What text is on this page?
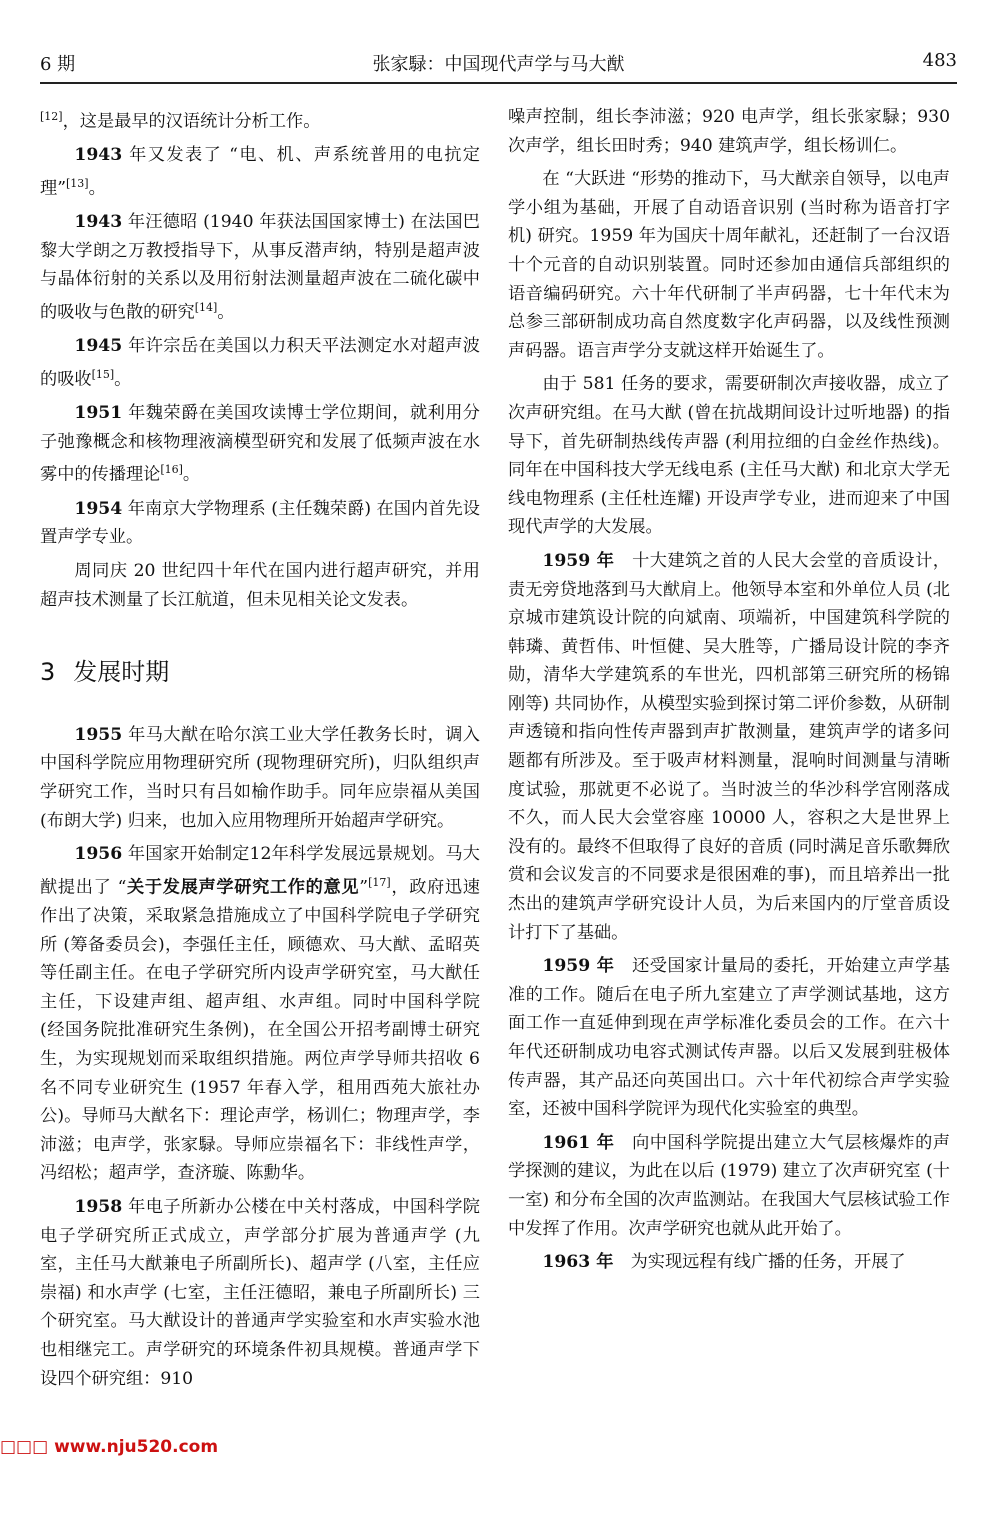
6 期	张家騄：中国现代声学与马大猷	483

[12]，这是最早的汉语统计分析工作。

1943 年又发表了 “电、机、声系统普用的电抗定理”[13]。

1943 年汪德昭 (1940 年获法国国家博士) 在法国巴黎大学朗之万教授指导下，从事反潜声纳，特别是超声波与晶体衍射的关系以及用衍射法测量超声波在二硫化碳中的吸收与色散的研究[14]。

1945 年许宗岳在美国以力积天平法测定水对超声波的吸收[15]。

1951 年魏荣爵在美国攻读博士学位期间，就利用分子弛豫概念和核物理液滴模型研究和发展了低频声波在水雾中的传播理论[16]。

1954 年南京大学物理系 (主任魏荣爵) 在国内首先设置声学专业。

周同庆 20 世纪四十年代在国内进行超声研究，并用超声技术测量了长江航道，但未见相关论文发表。

3 发展时期

1955 年马大猷在哈尔滨工业大学任教务长时，调入中国科学院应用物理研究所 (现物理研究所)，归队组织声学研究工作，当时只有吕如榆作助手。同年应崇福从美国 (布朗大学) 归来，也加入应用物理所开始超声学研究。

1956 年国家开始制定12年科学发展远景规划。马大猷提出了 “关于发展声学研究工作的意见”[17]，政府迅速作出了决策，采取紧急措施成立了中国科学院电子学研究所 (筹备委员会)，李强任主任，顾德欢、马大猷、孟昭英等任副主任。在电子学研究所内设声学研究室，马大猷任主任，下设建声组、超声组、水声组。同时中国科学院 (经国务院批准研究生条例)，在全国公开招考副博士研究生，为实现规划而采取组织措施。两位声学导师共招收 6 名不同专业研究生 (1957 年春入学，租用西苑大旅社办公)。导师马大猷名下：理论声学，杨训仁；物理声学，李沛滋；电声学，张家騄。导师应崇福名下：非线性声学，冯绍松；超声学，查济璇、陈勳华。

1958 年电子所新办公楼在中关村落成，中国科学院电子学研究所正式成立，声学部分扩展为普通声学 (九室，主任马大猷兼电子所副所长)、超声学 (八室，主任应崇福) 和水声学 (七室，主任汪德昭，兼电子所副所长) 三个研究室。马大猷设计的普通声学实验室和水声实验水池也相继完工。声学研究的环境条件初具规模。普通声学下设四个研究组：910

噪声控制，组长李沛滋；920 电声学，组长张家騄；930 次声学，组长田时秀；940 建筑声学，组长杨训仁。

在 “大跃进 “形势的推动下，马大猷亲自领导，以电声学小组为基础，开展了自动语音识别 (当时称为语音打字机) 研究。1959 年为国庆十周年献礼，还赶制了一台汉语十个元音的自动识别装置。同时还参加由通信兵部组织的语音编码研究。六十年代研制了半声码器，七十年代末为总参三部研制成功高自然度数字化声码器，以及线性预测声码器。语言声学分支就这样开始诞生了。

由于 581 任务的要求，需要研制次声接收器，成立了次声研究组。在马大猷 (曾在抗战期间设计过听地器) 的指导下，首先研制热线传声器 (利用拉细的白金丝作热线)。同年在中国科技大学无线电系 (主任马大猷) 和北京大学无线电物理系 (主任杜连耀) 开设声学专业，进而迎来了中国现代声学的大发展。

1959 年　十大建筑之首的人民大会堂的音质设计，责无旁贷地落到马大猷肩上。他领导本室和外单位人员 (北京城市建筑设计院的向斌南、项端祈，中国建筑科学院的韩璘、黄哲伟、叶恒健、吴大胜等，广播局设计院的李齐勋，清华大学建筑系的车世光，四机部第三研究所的杨锦刚等) 共同协作，从模型实验到探讨第二评价参数，从研制声透镜和指向性传声器到声扩散测量，建筑声学的诸多问题都有所涉及。至于吸声材料测量，混响时间测量与清晰度试验，那就更不必说了。当时波兰的华沙科学宫刚落成不久，而人民大会堂容座 10000 人，容积之大是世界上没有的。最终不但取得了良好的音质 (同时满足音乐歌舞欣赏和会议发言的不同要求是很困难的事)，而且培养出一批杰出的建筑声学研究设计人员，为后来国内的厅堂音质设计打下了基础。

1959 年　还受国家计量局的委托，开始建立声学基准的工作。随后在电子所九室建立了声学测试基地，这方面工作一直延伸到现在声学标准化委员会的工作。在六十年代还研制成功电容式测试传声器。以后又发展到驻极体传声器，其产品还向英国出口。六十年代初综合声学实验室，还被中国科学院评为现代化实验室的典型。

1961 年　向中国科学院提出建立大气层核爆炸的声学探测的建议，为此在以后 (1979) 建立了次声研究室 (十一室) 和分布全国的次声监测站。在我国大气层核试验工作中发挥了作用。次声学研究也就从此开始了。

1963 年　为实现远程有线广播的任务，开展了

□□□ www.nju520.com
